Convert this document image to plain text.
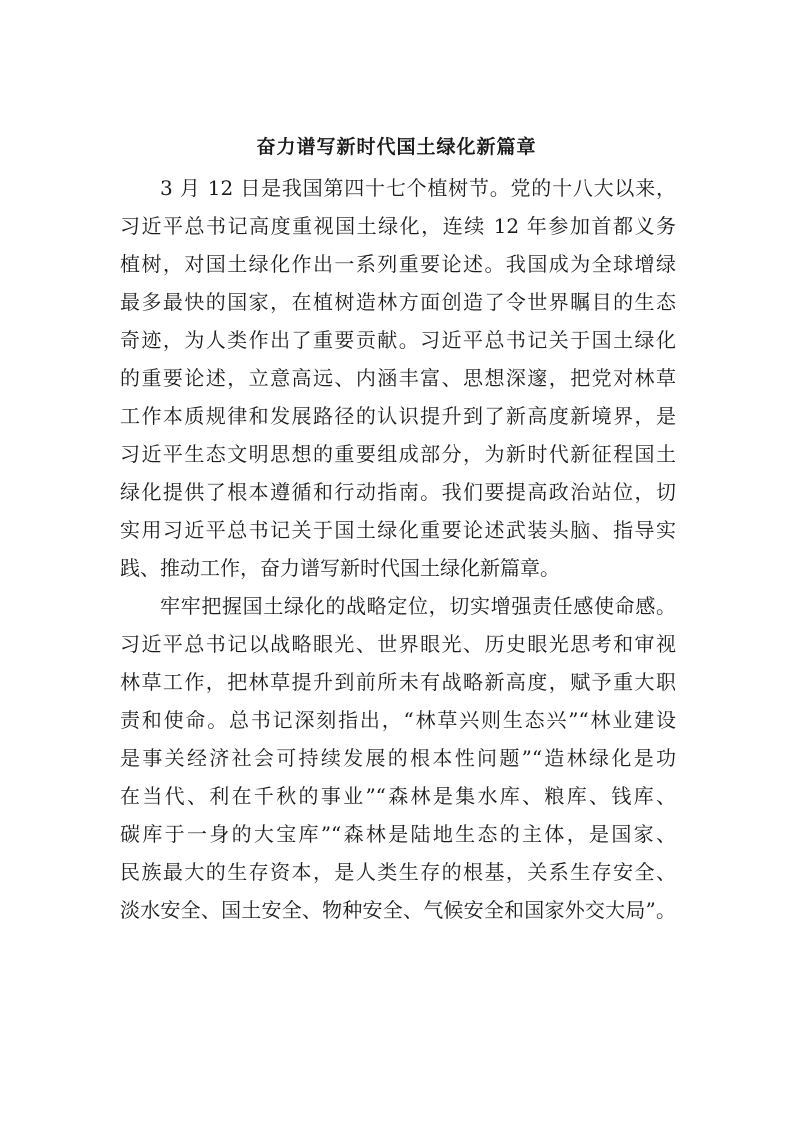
奋力谱写新时代国土绿化新篇章

3 月 12 日是我国第四十七个植树节。党的十八大以来，

习近平总书记高度重视国土绿化，连续 12 年参加首都义务

植树，对国土绿化作出一系列重要论述。我国成为全球增绿

最多最快的国家，在植树造林方面创造了令世界瞩目的生态

奇迹，为人类作出了重要贡献。习近平总书记关于国土绿化

的重要论述，立意高远、内涵丰富、思想深邃，把党对林草

工作本质规律和发展路径的认识提升到了新高度新境界，是

习近平生态文明思想的重要组成部分，为新时代新征程国土

绿化提供了根本遵循和行动指南。我们要提高政治站位，切

实用习近平总书记关于国土绿化重要论述武装头脑、指导实

践、推动工作，奋力谱写新时代国土绿化新篇章。

牢牢把握国土绿化的战略定位，切实增强责任感使命感。

习近平总书记以战略眼光、世界眼光、历史眼光思考和审视

林草工作，把林草提升到前所未有战略新高度，赋予重大职

责和使命。总书记深刻指出，“林草兴则生态兴”“林业建设

是事关经济社会可持续发展的根本性问题”“造林绿化是功

在当代、利在千秋的事业”“森林是集水库、粮库、钱库、

碳库于一身的大宝库”“森林是陆地生态的主体，是国家、

民族最大的生存资本，是人类生存的根基，关系生存安全、

淡水安全、国土安全、物种安全、气候安全和国家外交大局”。
